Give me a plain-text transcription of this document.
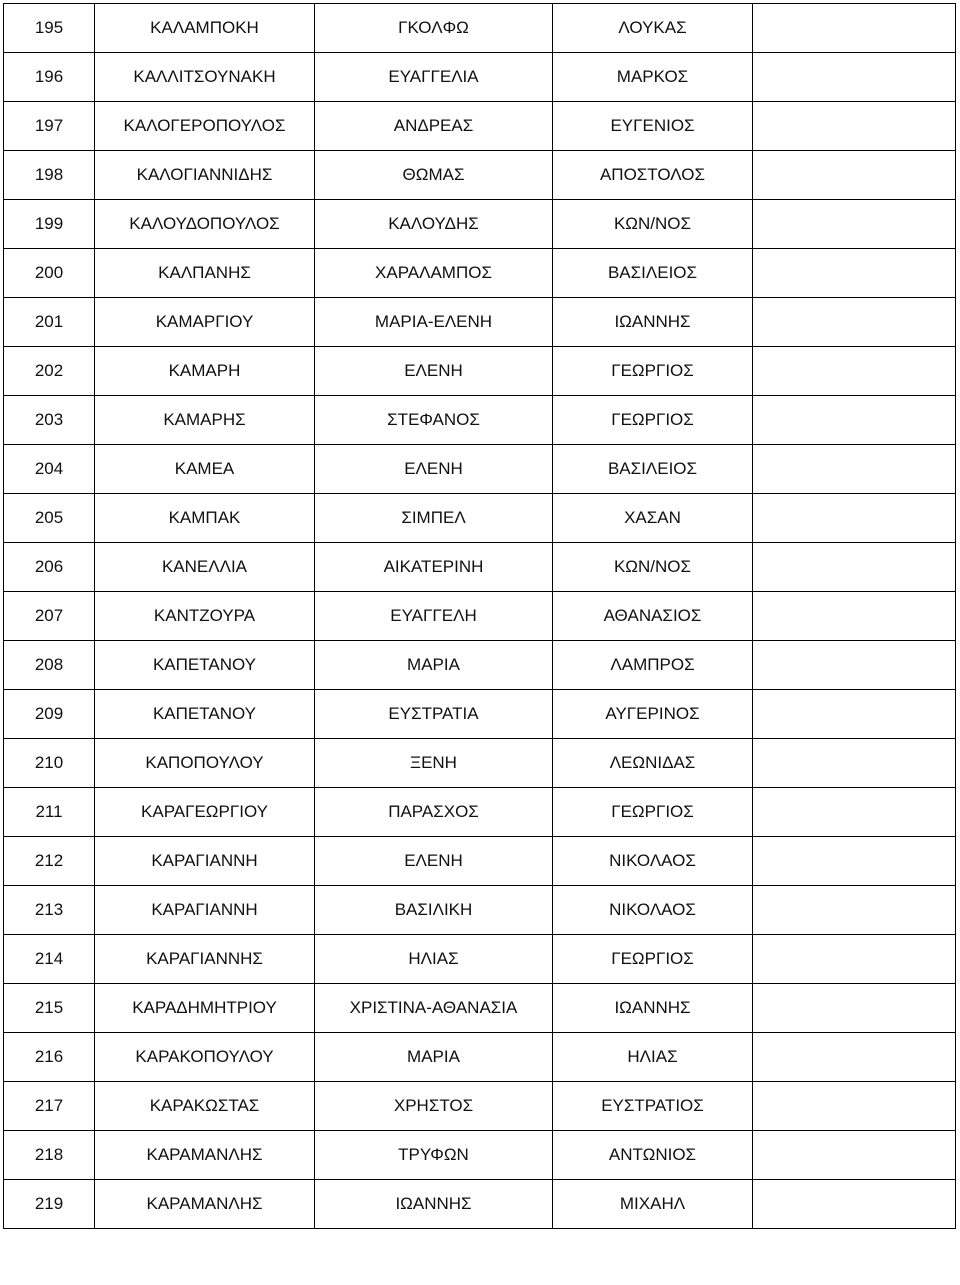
195	ΚΑΛΑΜΠΟΚΗ	ΓΚΟΛΦΩ	ΛΟΥΚΑΣ	
196	ΚΑΛΛΙΤΣΟΥΝΑΚΗ	ΕΥΑΓΓΕΛΙΑ	ΜΑΡΚΟΣ	
197	ΚΑΛΟΓΕΡΟΠΟΥΛΟΣ	ΑΝΔΡΕΑΣ	ΕΥΓΕΝΙΟΣ	
198	ΚΑΛΟΓΙΑΝΝΙΔΗΣ	ΘΩΜΑΣ	ΑΠΟΣΤΟΛΟΣ	
199	ΚΑΛΟΥΔΟΠΟΥΛΟΣ	ΚΑΛΟΥΔΗΣ	ΚΩΝ/ΝΟΣ	
200	ΚΑΛΠΑΝΗΣ	ΧΑΡΑΛΑΜΠΟΣ	ΒΑΣΙΛΕΙΟΣ	
201	ΚΑΜΑΡΓΙΟΥ	ΜΑΡΙΑ-ΕΛΕΝΗ	ΙΩΑΝΝΗΣ	
202	ΚΑΜΑΡΗ	ΕΛΕΝΗ	ΓΕΩΡΓΙΟΣ	
203	ΚΑΜΑΡΗΣ	ΣΤΕΦΑΝΟΣ	ΓΕΩΡΓΙΟΣ	
204	ΚΑΜΕΑ	ΕΛΕΝΗ	ΒΑΣΙΛΕΙΟΣ	
205	ΚΑΜΠΑΚ	ΣΙΜΠΕΛ	ΧΑΣΑΝ	
206	ΚΑΝΕΛΛΙΑ	ΑΙΚΑΤΕΡΙΝΗ	ΚΩΝ/ΝΟΣ	
207	ΚΑΝΤΖΟΥΡΑ	ΕΥΑΓΓΕΛΗ	ΑΘΑΝΑΣΙΟΣ	
208	ΚΑΠΕΤΑΝΟΥ	ΜΑΡΙΑ	ΛΑΜΠΡΟΣ	
209	ΚΑΠΕΤΑΝΟΥ	ΕΥΣΤΡΑΤΙΑ	ΑΥΓΕΡΙΝΟΣ	
210	ΚΑΠΟΠΟΥΛΟΥ	ΞΕΝΗ	ΛΕΩΝΙΔΑΣ	
211	ΚΑΡΑΓΕΩΡΓΙΟΥ	ΠΑΡΑΣΧΟΣ	ΓΕΩΡΓΙΟΣ	
212	ΚΑΡΑΓΙΑΝΝΗ	ΕΛΕΝΗ	ΝΙΚΟΛΑΟΣ	
213	ΚΑΡΑΓΙΑΝΝΗ	ΒΑΣΙΛΙΚΗ	ΝΙΚΟΛΑΟΣ	
214	ΚΑΡΑΓΙΑΝΝΗΣ	ΗΛΙΑΣ	ΓΕΩΡΓΙΟΣ	
215	ΚΑΡΑΔΗΜΗΤΡΙΟΥ	ΧΡΙΣΤΙΝΑ-ΑΘΑΝΑΣΙΑ	ΙΩΑΝΝΗΣ	
216	ΚΑΡΑΚΟΠΟΥΛΟΥ	ΜΑΡΙΑ	ΗΛΙΑΣ	
217	ΚΑΡΑΚΩΣΤΑΣ	ΧΡΗΣΤΟΣ	ΕΥΣΤΡΑΤΙΟΣ	
218	ΚΑΡΑΜΑΝΛΗΣ	ΤΡΥΦΩΝ	ΑΝΤΩΝΙΟΣ	
219	ΚΑΡΑΜΑΝΛΗΣ	ΙΩΑΝΝΗΣ	ΜΙΧΑΗΛ	
